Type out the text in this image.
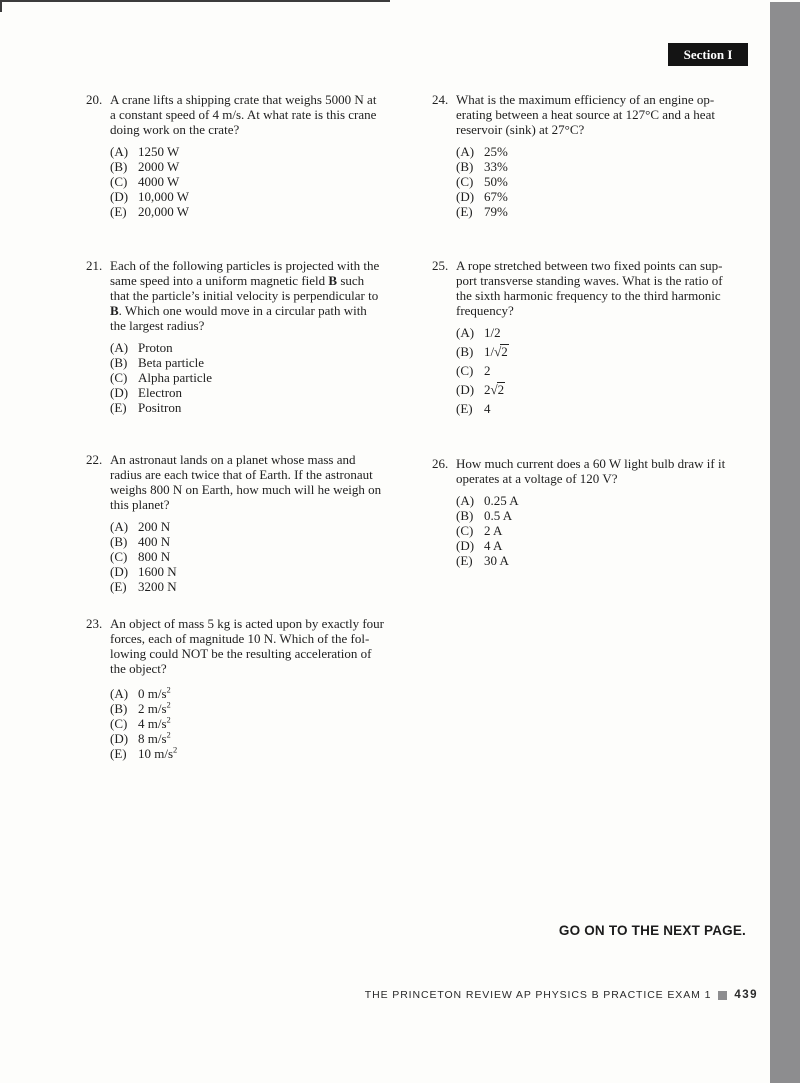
Section I
20. A crane lifts a shipping crate that weighs 5000 N at
a constant speed of 4 m/s. At what rate is this crane
doing work on the crate?
(A) 1250 W
(B) 2000 W
(C) 4000 W
(D) 10,000 W
(E) 20,000 W
21. Each of the following particles is projected with the
same speed into a uniform magnetic field B such
that the particle’s initial velocity is perpendicular to
B. Which one would move in a circular path with
the largest radius?
(A) Proton
(B) Beta particle
(C) Alpha particle
(D) Electron
(E) Positron
22. An astronaut lands on a planet whose mass and
radius are each twice that of Earth. If the astronaut
weighs 800 N on Earth, how much will he weigh on
this planet?
(A) 200 N
(B) 400 N
(C) 800 N
(D) 1600 N
(E) 3200 N
23. An object of mass 5 kg is acted upon by exactly four
forces, each of magnitude 10 N. Which of the fol-
lowing could NOT be the resulting acceleration of
the object?
(A) 0 $m/s^2$
(B) 2 $m/s^2$
(C) 4 $m/s^2$
(D) 8 $m/s^2$
(E) 10 $m/s^2$
24. What is the maximum efficiency of an engine op-
erating between a heat source at 127°C and a heat
reservoir (sink) at 27°C?
(A) 25%
(B) 33%
(C) 50%
(D) 67%
(E) 79%
25. A rope stretched between two fixed points can sup-
port transverse standing waves. What is the ratio of
the sixth harmonic frequency to the third harmonic
frequency?
(A) 1/2
(B) 1/√2
(C) 2
(D) 2√2
(E) 4
26. How much current does a 60 W light bulb draw if it
operates at a voltage of 120 V?
(A) 0.25 A
(B) 0.5 A
(C) 2 A
(D) 4 A
(E) 30 A
GO ON TO THE NEXT PAGE.
THE PRINCETON REVIEW AP PHYSICS B PRACTICE EXAM 1 439
